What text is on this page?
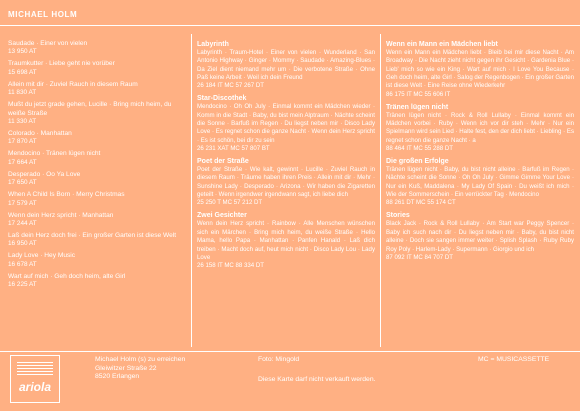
MICHAEL HOLM
Saudade · Einer von vielen
13 950 AT
Traumkutter · Liebe geht nie vorüber
15 698 AT
Allein mit dir · Zuviel Rauch in diesem Raum
11 830 AT
Mußt du jetzt grade gehen, Lucille · Bring mich heim, du weiße Straße
11 330 AT
Colorado · Manhattan
17 870 AT
Mendocino · Tränen lügen nicht
17 664 AT
Desperado · Oo Ya Love
17 650 AT
When A Child Is Born · Merry Christmas
17 579 AT
Wenn dein Herz spricht · Manhattan
17 244 AT
Laß dein Herz doch frei · Ein großer Garten ist diese Welt
16 950 AT
Lady Love · Hey Music
16 678 AT
Wart auf mich · Geh doch heim, alte Girl
16 225 AT
Labyrinth
Labyrinth · Traum-Hotel · Einer von vielen · Wunderland · San Antonio Highway · Ginger · Mommy · Saudade · Amazing-Blues · Da Ziel dient niemand mehr um · Die verbotene Straße · Ohne Paß keine Arbeit · Weil ich dein Freund
26 184 IT MC 57 267 DT
Star-Discothek
Mendocino · Oh Oh July · Einmal kommt ein Mädchen wieder · Komm in die Stadt · Baby, du bist mein Alptraum · Nächte scheint die Sonne · Barfuß im Regen · Du liegst neben mir · Disco Lady Love · Es regnet schon die ganze Nacht · Wenn dein Herz spricht · Es ist schön, bei dir zu sein
26 231 XAT MC 57 807 BT
Poet der Straße
Poet der Straße · Wie kalt, gewinnt · Lucille · Zuviel Rauch in diesem Raum · Träume haben ihren Preis · Allein mit dir · Mehr · Sunshine Lady · Desperado · Arizona · Wir haben die Zigaretten geteilt · Wenn irgendwer irgendwann sagt, ich liebe dich
25 250 T MC 57 212 DT
Zwei Gesichter
Wenn dein Herz spricht · Rainbow · Alle Menschen wünschen sich ein Märchen · Bring mich heim, du weiße Straße · Hello Mama, hello Papa · Manhattan · Panfen Hanald · Laß dich treiben · Macht doch auf, heut mich nicht · Disco Lady Lou · Lady Love
26 158 IT MC 88 334 DT
Wenn ein Mann ein Mädchen liebt
Wenn ein Mann ein Mädchen liebt · Bleib bei mir diese Nacht · Am Broadway · Die Nacht zieht nicht gegen ihr Gesicht · Gardenia Blue · Lieb' mich so wie ein King · Wart auf mich · I Love You Because · Geh doch heim, alte Girl · Salog der Regenbogen · Ein großer Garten ist diese Welt · Eine Reise ohne Wiederkehr
86 175 IT MC 55 606 IT
Tränen lügen nicht
Tränen lügen nicht · Rock & Roll Lullaby · Einmal kommt ein Mädchen vorbei · Ruby · Wenn ich vor dir steh · Mehr · Nur ein Spielmann wird sein Lied · Halte fest, den der dich liebt · Liebling · Es regnet schon die ganze Nacht · a
88 464 IT MC 55 288 DT
Die großen Erfolge
Tränen lügen nicht · Baby, du bist nicht alleine · Barfuß im Regen · Nächte scheint die Sonne · Oh Oh July · Gimme Gimme Your Love · Nur ein Kuß, Maddalena · My Lady Of Spain · Du weißt ich mich · Wie der Sommerschein · Ein verrückter Tag · Mendocino
88 261 DT MC 55 174 CT
Stories
Black Jack · Rock & Roll Lullaby · Am Start war Peggy Spencer · Baby ich such nach dir · Du liegst neben mir · Baby, du bist nicht alleine · Doch sie sangen immer weiter · Splish Splash · Ruby Ruby Roy Poly · Harlem-Lady · Supermann · Giorgio und ich
87 092 IT MC 84 707 DT
ariola
Michael Holm (s) zu erreichen
Gleiwitzer Straße 22
8520 Erlangen
Foto: Mingold	MC = MUSICASSETTE
Diese Karte darf nicht verkauft werden.
